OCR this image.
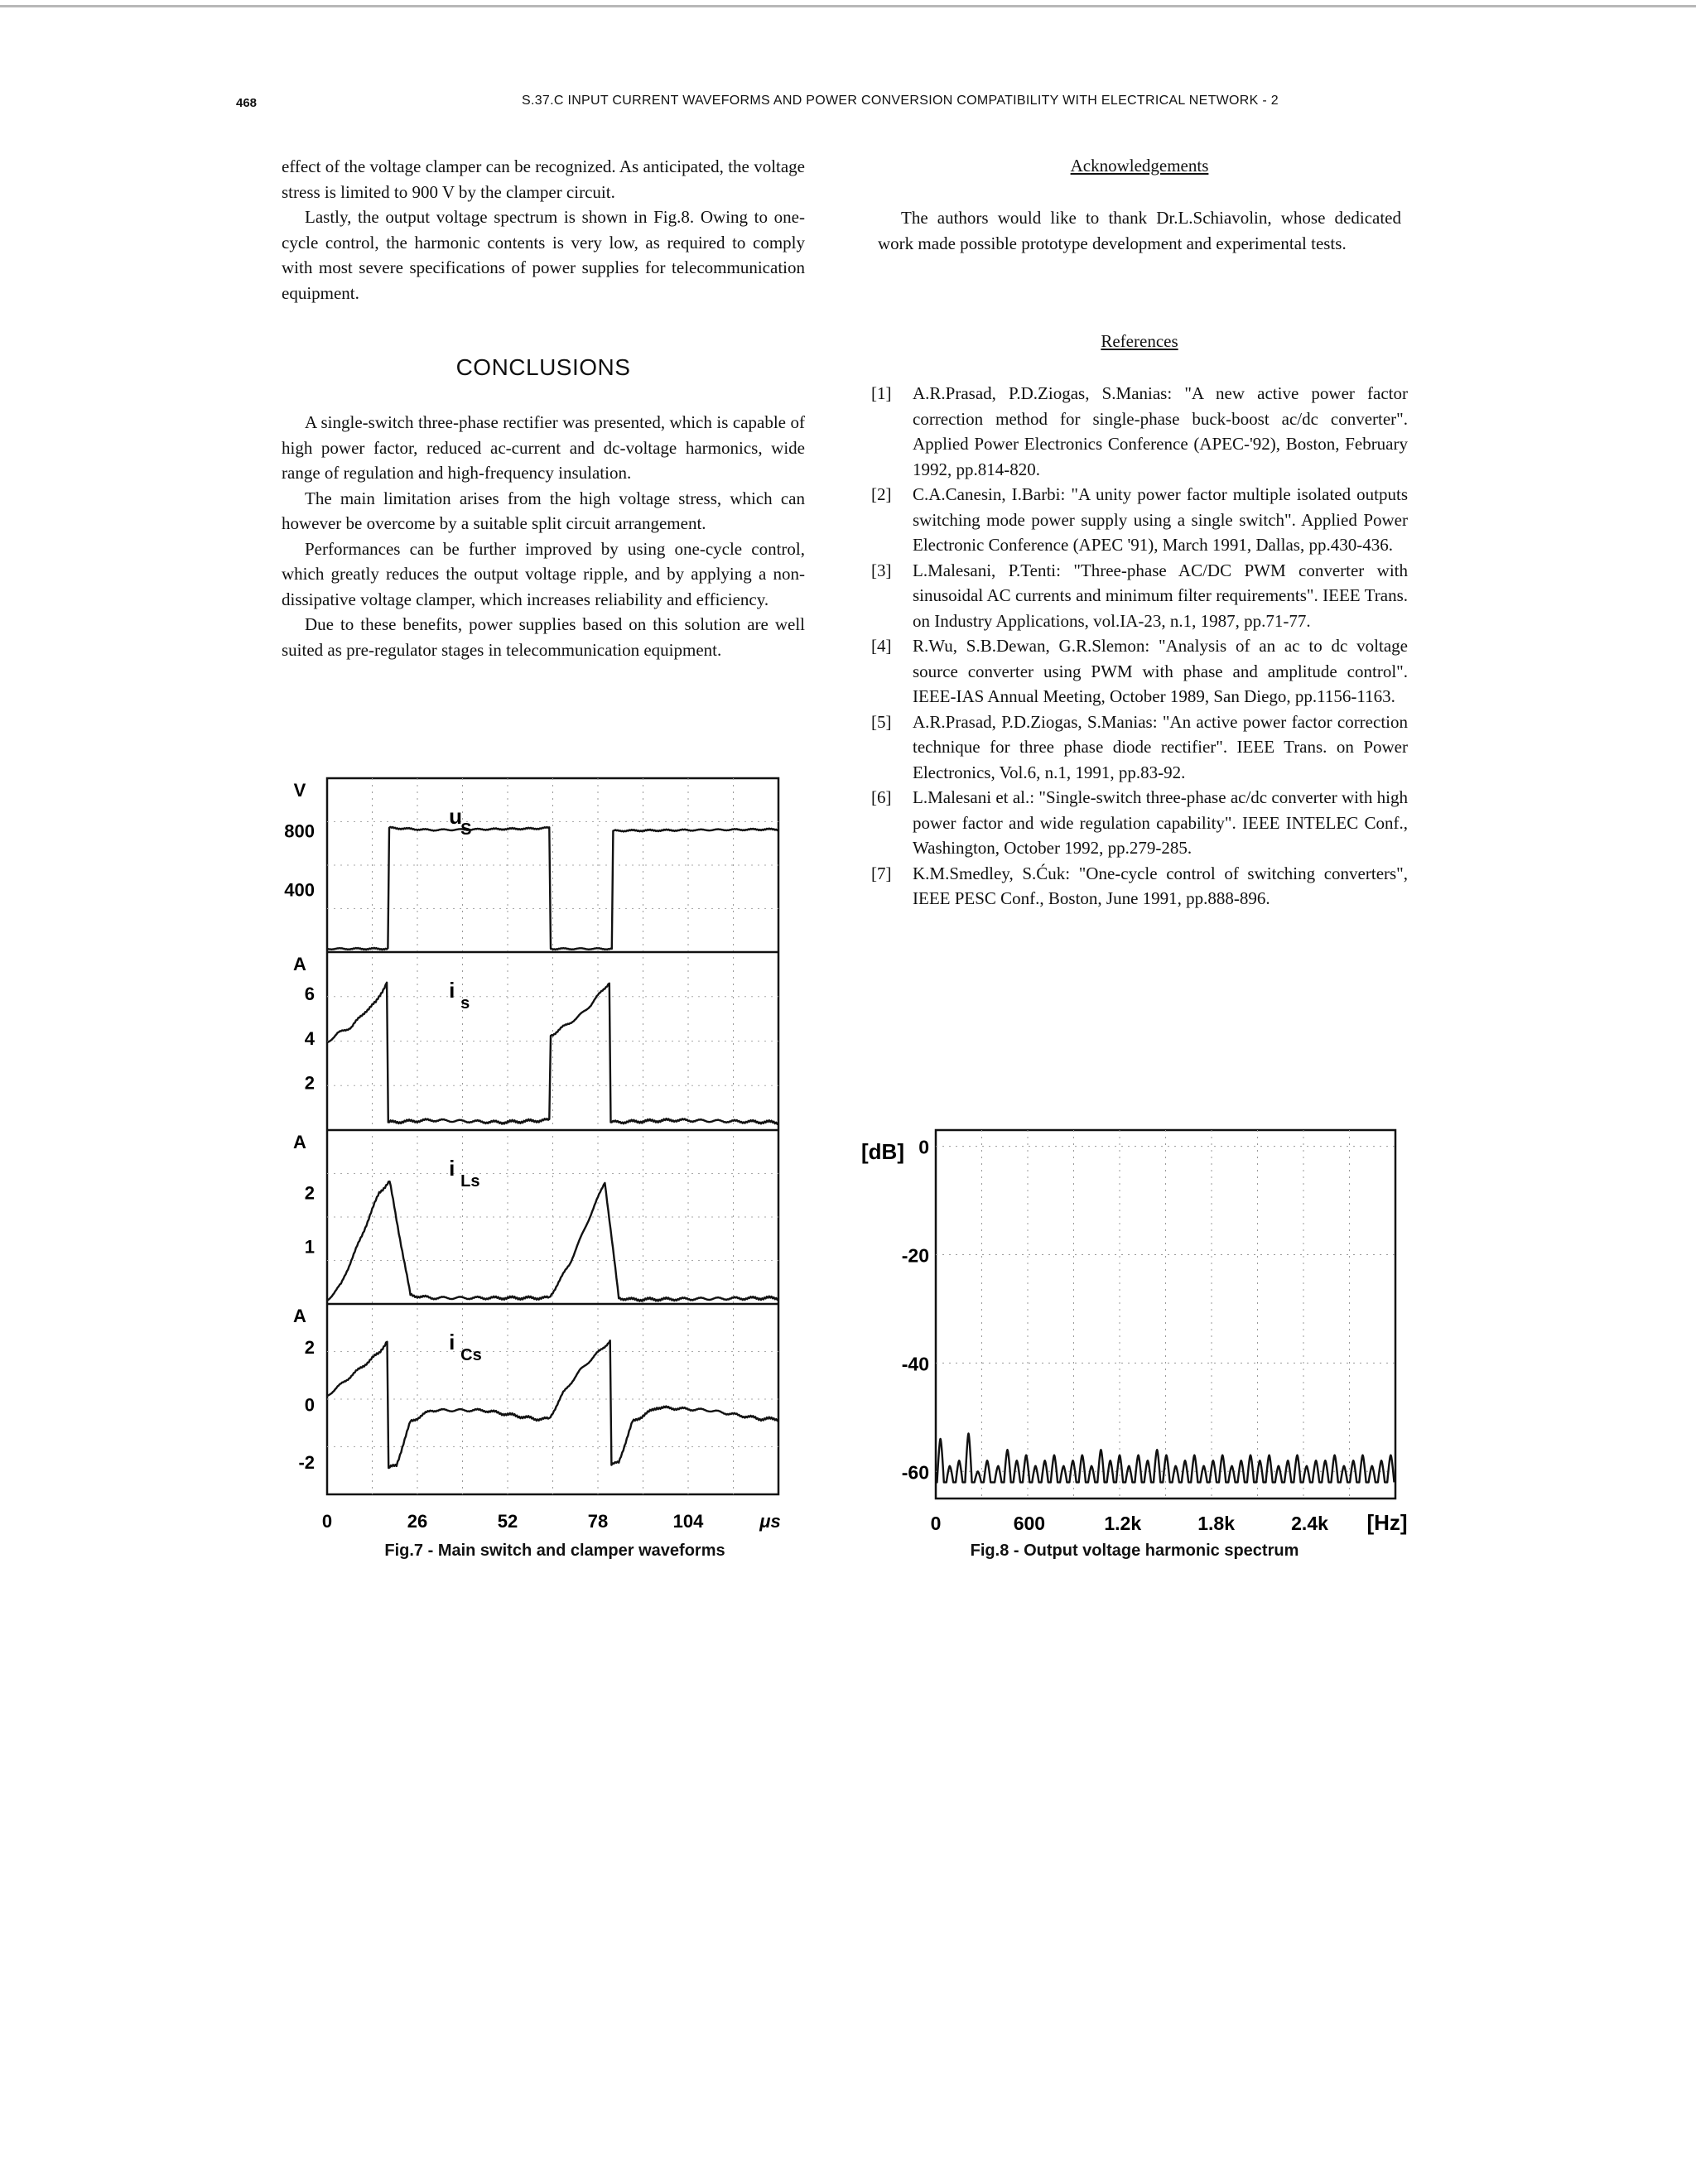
468	S.37.C INPUT CURRENT WAVEFORMS AND POWER CONVERSION COMPATIBILITY WITH ELECTRICAL NETWORK - 2

effect of the voltage clamper can be recognized. As anticipated, the voltage stress is limited to 900 V by the clamper circuit.

Lastly, the output voltage spectrum is shown in Fig.8. Owing to one-cycle control, the harmonic contents is very low, as required to comply with most severe specifications of power supplies for telecommunication equipment.

CONCLUSIONS

A single-switch three-phase rectifier was presented, which is capable of high power factor, reduced ac-current and dc-voltage harmonics, wide range of regulation and high-frequency insulation.

The main limitation arises from the high voltage stress, which can however be overcome by a suitable split circuit arrangement.

Performances can be further improved by using one-cycle control, which greatly reduces the output voltage ripple, and by applying a non-dissipative voltage clamper, which increases reliability and efficiency.

Due to these benefits, power supplies based on this solution are well suited as pre-regulator stages in telecommunication equipment.

Acknowledgements

The authors would like to thank Dr.L.Schiavolin, whose dedicated work made possible prototype development and experimental tests.

References
[1]	A.R.Prasad, P.D.Ziogas, S.Manias: "A new active power factor correction method for single-phase buck-boost ac/dc converter". Applied Power Electronics Conference (APEC-'92), Boston, February 1992, pp.814-820.
[2]	C.A.Canesin, I.Barbi: "A unity power factor multiple isolated outputs switching mode power supply using a single switch". Applied Power Electronic Conference (APEC '91), March 1991, Dallas, pp.430-436.
[3]	L.Malesani, P.Tenti: "Three-phase AC/DC PWM converter with sinusoidal AC currents and minimum filter requirements". IEEE Trans. on Industry Applications, vol.IA-23, n.1, 1987, pp.71-77.
[4]	R.Wu, S.B.Dewan, G.R.Slemon: "Analysis of an ac to dc voltage source converter using PWM with phase and amplitude control". IEEE-IAS Annual Meeting, October 1989, San Diego, pp.1156-1163.
[5]	A.R.Prasad, P.D.Ziogas, S.Manias: "An active power factor correction technique for three phase diode rectifier". IEEE Trans. on Power Electronics, Vol.6, n.1, 1991, pp.83-92.
[6]	L.Malesani et al.: "Single-switch three-phase ac/dc converter with high power factor and wide regulation capability". IEEE INTELEC Conf., Washington, October 1992, pp.279-285.
[7]	K.M.Smedley, S.Ćuk: "One-cycle control of switching converters", IEEE PESC Conf., Boston, June 1991, pp.888-896.
V
800
400
u
S
A
6
4
2
i
s
A
2
1
i
Ls
A
2
0
-2
i
Cs
0	26	52	78	104	μs
Fig.7 - Main switch and clamper waveforms
[dB] 0
-20
-40
-60
0	600	1.2k	1.8k	2.4k [Hz]
Fig.8 - Output voltage harmonic spectrum
